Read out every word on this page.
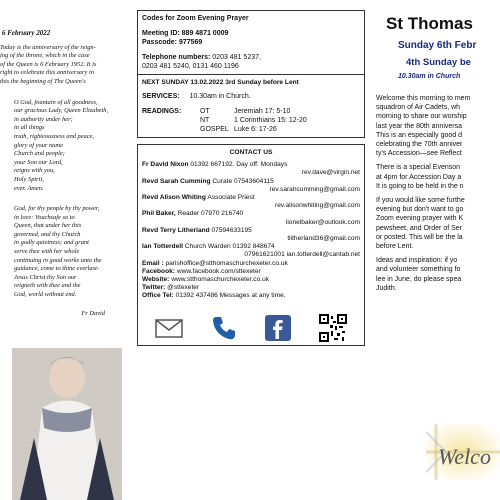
6 February 2022
Today is the anniversary of the reign-
ing of the throne, which in the case
of the Queen is 6 February 1952. It is
right to celebrate this anniversary in
this the beginning of The Queen's
O God, fountain of all goodness,
our gracious Lady, Queen Elizabeth,
in authority under her;
in all things
truth, righteousness and peace,
glory of your name
Church and people;
your Son our Lord,
reigns with you,
Holy Spirit,
ever. Amen.
God, for thy people by thy power,
in love: Vouchsafe so to
Queen, that under her this
governed, and thy Church
in godly quietness; and grant
serve thee with her whole
continuing in good works unto the
guidance, come to thine everlast-
Jesus Christ thy Son our
reigneth with thee and the
God, world without end.
Fr David
Codes for Zoom Evening Prayer
Meeting ID: 889 4871 0009
Passcode: 977569
Telephone numbers: 0203 481 5237,
0203 481 5240, 0131 460 1196
NEXT SUNDAY 13.02.2022 3rd Sunday before Lent
SERVICES: 10.30am in Church.
READINGS:	OT	Jeremiah 17: 5-10
NT	1 Corinthians 15: 12-20
GOSPEL Luke 6: 17-26
CONTACT US
Fr David Nixon 01392 667192. Day off: Mondays
rev.dave@virgin.net
Revd Sarah Cumming Curate 07543604115
rev.sarahcumming@gmail.com
Revd Alison Whiting Associate Priest
rev.alisonwhiting@gmail.com
Phil Baker, Reader 07970 216740
lionelbaker@outlook.com
Revd Terry Litherland 07594633195
tlitherland36@gmail.com
Ian Totterdell Church Warden 01392 848674
07961621001 ian.totterdell@cantab.net
Email : parishoffice@stthomaschurchexeter.co.uk
Facebook: www.facebook.com/sttexeter
Website: www.stthomaschurchexeter.co.uk
Twitter: @sttexeter
Office Tel: 01392 437486 Messages at any time.
St Thomas
Sunday 6th Febr
4th Sunday be
10.30am in Church

Welcome this morning to mem
squadron of Air Cadets, wh
morning to share our worship
last year the 80th anniversa
This is an especially good d
celebrating the 70th anniver
ty's Accession—see Reflect

There is a special Evenson
at 4pm for Accession Day a
It is going to be held in the n

If you would like some furthe
evening but don't want to go
Zoom evening prayer with K
pewsheet, and Order of Ser
or posted. This will be the la
before Lent.

Ideas and inspiration: if yo
and volunteer something fo
lee in June, do please spea
Judith.

Welco
